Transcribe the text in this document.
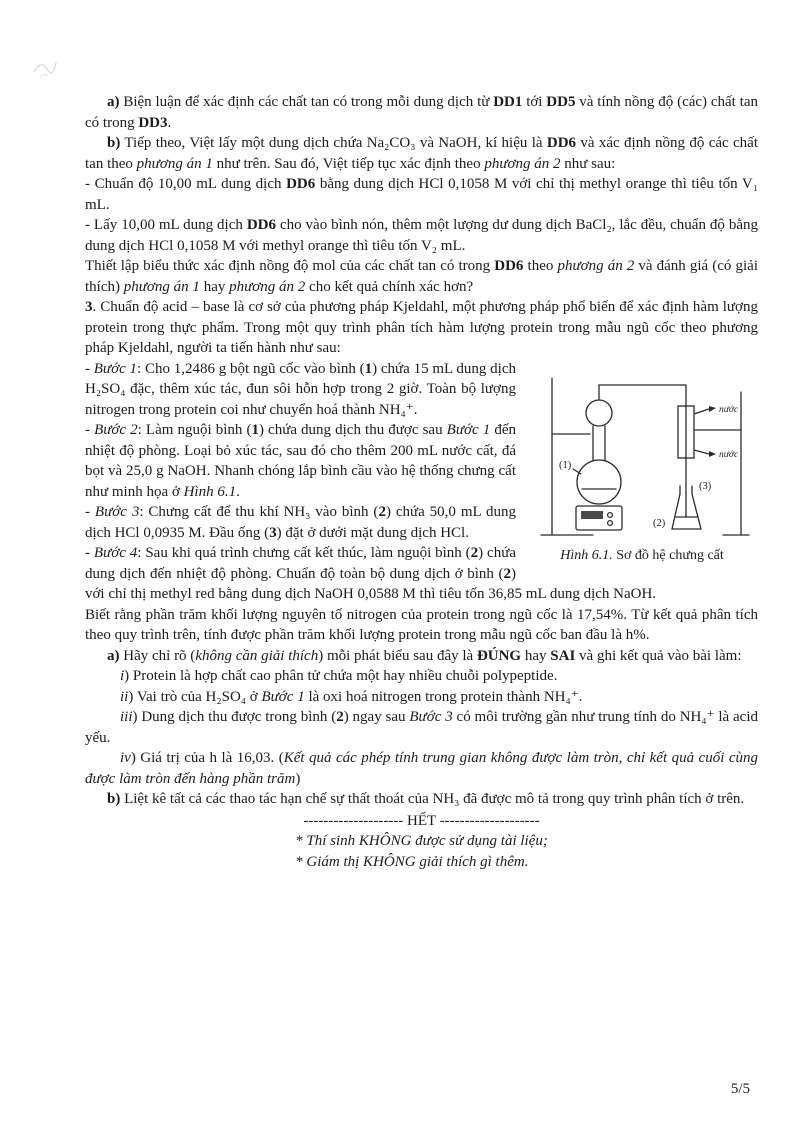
a) Biện luận để xác định các chất tan có trong mỗi dung dịch từ DD1 tới DD5 và tính nồng độ (các) chất tan có trong DD3.

b) Tiếp theo, Việt lấy một dung dịch chứa Na₂CO₃ và NaOH, kí hiệu là DD6 và xác định nồng độ các chất tan theo phương án 1 như trên. Sau đó, Việt tiếp tục xác định theo phương án 2 như sau:

- Chuẩn độ 10,00 mL dung dịch DD6 bằng dung dịch HCl 0,1058 M với chỉ thị methyl orange thì tiêu tốn V₁ mL.

- Lấy 10,00 mL dung dịch DD6 cho vào bình nón, thêm một lượng dư dung dịch BaCl₂, lắc đều, chuẩn độ bằng dung dịch HCl 0,1058 M với methyl orange thì tiêu tốn V₂ mL.

Thiết lập biểu thức xác định nồng độ mol của các chất tan có trong DD6 theo phương án 2 và đánh giá (có giải thích) phương án 1 hay phương án 2 cho kết quả chính xác hơn?

3. Chuẩn độ acid – base là cơ sở của phương pháp Kjeldahl, một phương pháp phổ biến để xác định hàm lượng protein trong thực phẩm. Trong một quy trình phân tích hàm lượng protein trong mẫu ngũ cốc theo phương pháp Kjeldahl, người ta tiến hành như sau:

(1)
(2)
(3)
nước
nước
Hình 6.1. Sơ đồ hệ chưng cất

- Bước 1: Cho 1,2486 g bột ngũ cốc vào bình (1) chứa 15 mL dung dịch H₂SO₄ đặc, thêm xúc tác, đun sôi hỗn hợp trong 2 giờ. Toàn bộ lượng nitrogen trong protein coi như chuyển hoá thành NH₄⁺.

- Bước 2: Làm nguội bình (1) chứa dung dịch thu được sau Bước 1 đến nhiệt độ phòng. Loại bỏ xúc tác, sau đó cho thêm 200 mL nước cất, đá bọt và 25,0 g NaOH. Nhanh chóng lắp bình cầu vào hệ thống chưng cất như minh họa ở Hình 6.1.

- Bước 3: Chưng cất để thu khí NH₃ vào bình (2) chứa 50,0 mL dung dịch HCl 0,0935 M. Đầu ống (3) đặt ở dưới mặt dung dịch HCl.

- Bước 4: Sau khi quá trình chưng cất kết thúc, làm nguội bình (2) chứa dung dịch đến nhiệt độ phòng. Chuẩn độ toàn bộ dung dịch ở bình (2) với chỉ thị methyl red bằng dung dịch NaOH 0,0588 M thì tiêu tốn 36,85 mL dung dịch NaOH.

Biết rằng phần trăm khối lượng nguyên tố nitrogen của protein trong ngũ cốc là 17,54%. Từ kết quả phân tích theo quy trình trên, tính được phần trăm khối lượng protein trong mẫu ngũ cốc ban đầu là h%.

a) Hãy chỉ rõ (không cần giải thích) mỗi phát biểu sau đây là ĐÚNG hay SAI và ghi kết quả vào bài làm:

i) Protein là hợp chất cao phân tử chứa một hay nhiều chuỗi polypeptide.

ii) Vai trò của H₂SO₄ ở Bước 1 là oxi hoá nitrogen trong protein thành NH₄⁺.

iii) Dung dịch thu được trong bình (2) ngay sau Bước 3 có môi trường gần như trung tính do NH₄⁺ là acid yếu.

iv) Giá trị của h là 16,03. (Kết quả các phép tính trung gian không được làm tròn, chỉ kết quả cuối cùng được làm tròn đến hàng phần trăm)

b) Liệt kê tất cả các thao tác hạn chế sự thất thoát của NH₃ đã được mô tả trong quy trình phân tích ở trên.

-------------------- HẾT --------------------

* Thí sinh KHÔNG được sử dụng tài liệu;

* Giám thị KHÔNG giải thích gì thêm.

5/5
